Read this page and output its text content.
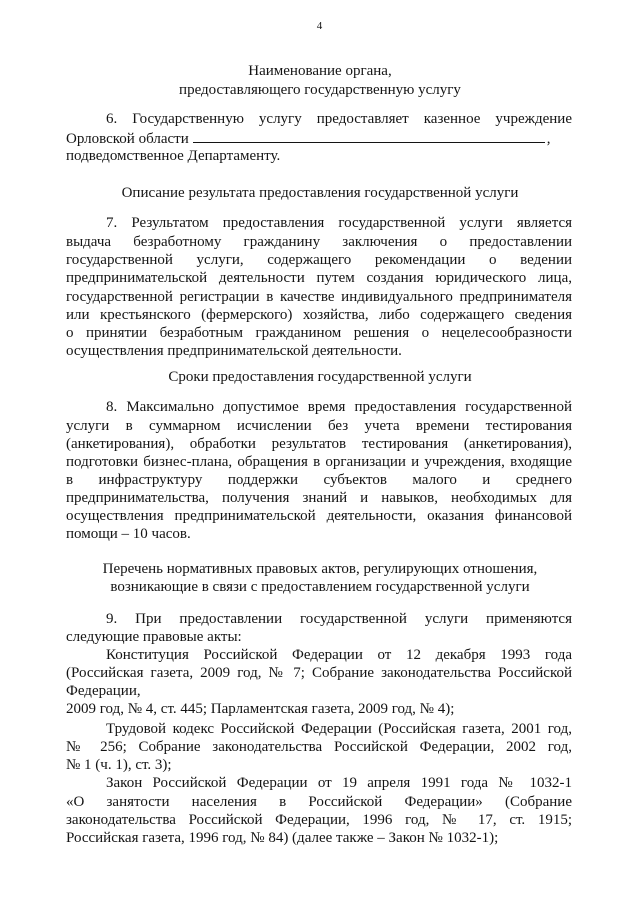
4
Наименование органа,
предоставляющего государственную услугу
6. Государственную услугу предоставляет казенное учреждение
Орловской области	,
подведомственное Департаменту.
Описание результата предоставления государственной услуги
7. Результатом предоставления государственной услуги является
выдача безработному гражданину заключения о предоставлении
государственной услуги, содержащего рекомендации о ведении
предпринимательской деятельности путем создания юридического лица,
государственной регистрации в качестве индивидуального предпринимателя
или крестьянского (фермерского) хозяйства, либо содержащего сведения
о принятии безработным гражданином решения о нецелесообразности
осуществления предпринимательской деятельности.
Сроки предоставления государственной услуги
8. Максимально допустимое время предоставления государственной
услуги в суммарном исчислении без учета времени тестирования
(анкетирования), обработки результатов тестирования (анкетирования),
подготовки бизнес-плана, обращения в организации и учреждения, входящие
в инфраструктуру поддержки субъектов малого и среднего
предпринимательства, получения знаний и навыков, необходимых для
осуществления предпринимательской деятельности, оказания финансовой
помощи – 10 часов.
Перечень нормативных правовых актов, регулирующих отношения,
возникающие в связи с предоставлением государственной услуги
9. При предоставлении государственной услуги применяются
следующие правовые акты:
Конституция Российской Федерации от 12 декабря 1993 года
(Российская газета, 2009 год, № 7; Собрание законодательства Российской
Федерации,
2009 год, № 4, ст. 445; Парламентская газета, 2009 год, № 4);
Трудовой кодекс Российской Федерации (Российская газета, 2001 год,
№ 256; Собрание законодательства Российской Федерации, 2002 год,
№ 1 (ч. 1), ст. 3);
Закон Российской Федерации от 19 апреля 1991 года № 1032-1
«О занятости населения в Российской Федерации» (Собрание
законодательства Российской Федерации, 1996 год, № 17, ст. 1915;
Российская газета, 1996 год, № 84) (далее также – Закон № 1032-1);
